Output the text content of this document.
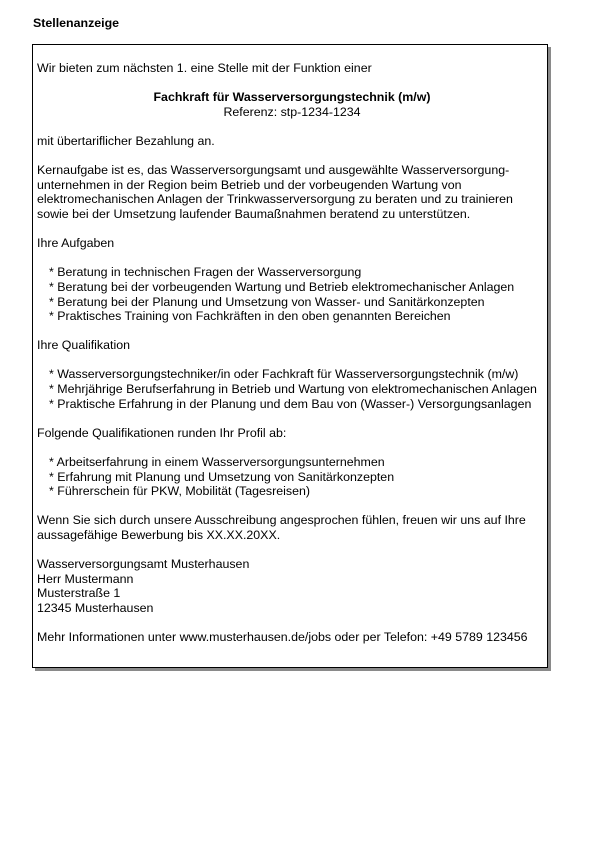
Stellenanzeige

Wir bieten zum nächsten 1. eine Stelle mit der Funktion einer

Fachkraft für Wasserversorgungstechnik (m/w)
Referenz: stp-1234-1234

mit übertariflicher Bezahlung an.

Kernaufgabe ist es, das Wasserversorgungsamt und ausgewählte Wasserversorgung-unternehmen in der Region beim Betrieb und der vorbeugenden Wartung von elektromechanischen Anlagen der Trinkwasserversorgung zu beraten und zu trainieren sowie bei der Umsetzung laufender Baumaßnahmen beratend zu unterstützen.

Ihre Aufgaben

* Beratung in technischen Fragen der Wasserversorgung
* Beratung bei der vorbeugenden Wartung und Betrieb elektromechanischer Anlagen
* Beratung bei der Planung und Umsetzung von Wasser- und Sanitärkonzepten
* Praktisches Training von Fachkräften in den oben genannten Bereichen

Ihre Qualifikation

* Wasserversorgungstechniker/in oder Fachkraft für Wasserversorgungstechnik (m/w)
* Mehrjährige Berufserfahrung in Betrieb und Wartung von elektromechanischen Anlagen
* Praktische Erfahrung in der Planung und dem Bau von (Wasser-) Versorgungsanlagen

Folgende Qualifikationen runden Ihr Profil ab:

* Arbeitserfahrung in einem Wasserversorgungsunternehmen
* Erfahrung mit Planung und Umsetzung von Sanitärkonzepten
* Führerschein für PKW, Mobilität (Tagesreisen)

Wenn Sie sich durch unsere Ausschreibung angesprochen fühlen, freuen wir uns auf Ihre aussagefähige Bewerbung bis XX.XX.20XX.

Wasserversorgungsamt Musterhausen
Herr Mustermann
Musterstraße 1
12345 Musterhausen

Mehr Informationen unter www.musterhausen.de/jobs oder per Telefon: +49 5789 123456
